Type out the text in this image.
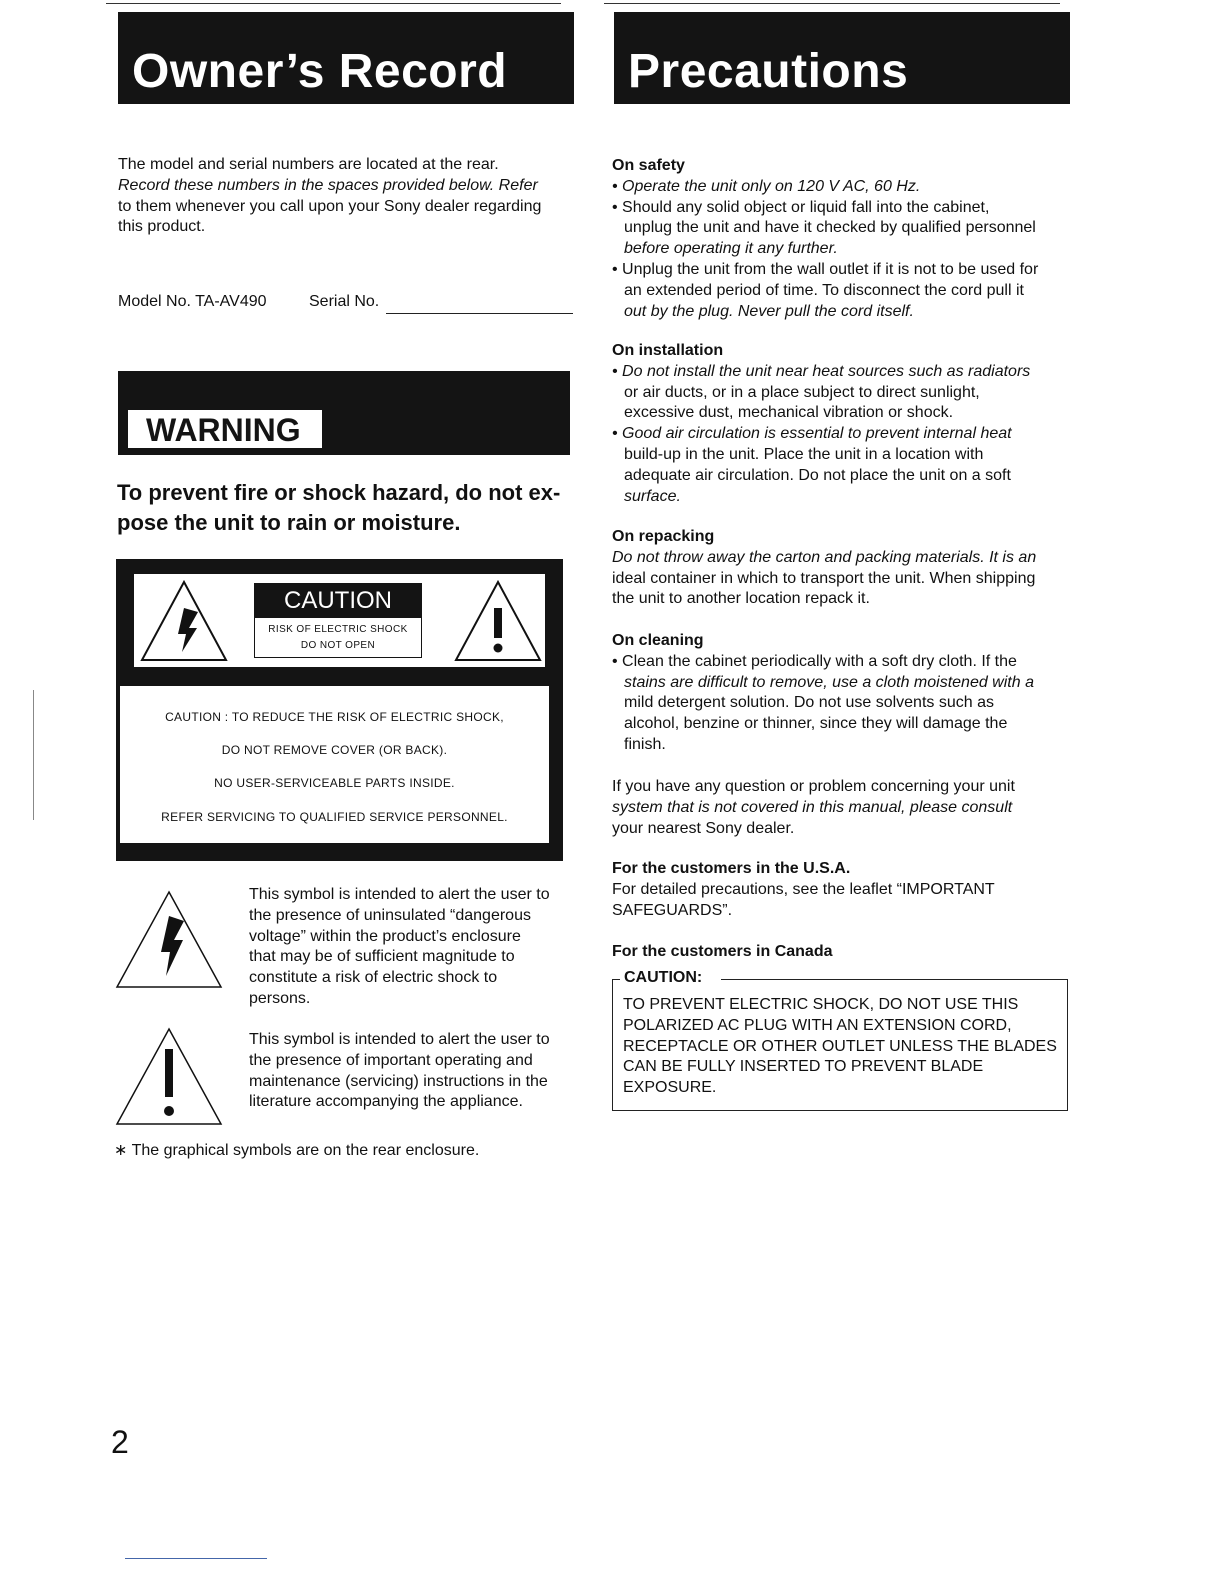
Owner’s Record

The model and serial numbers are located at the rear.

Record these numbers in the spaces provided below. Refer

to them whenever you call upon your Sony dealer regarding

this product.

Model No. TA-AV490	Serial No.
WARNING
To prevent fire or shock hazard, do not ex-
pose the unit to rain or moisture.
CAUTION
RISK OF ELECTRIC SHOCK
DO NOT OPEN

CAUTION : TO REDUCE THE RISK OF ELECTRIC SHOCK,

DO NOT REMOVE COVER (OR BACK).

NO USER-SERVICEABLE PARTS INSIDE.

REFER SERVICING TO QUALIFIED SERVICE PERSONNEL.

This symbol is intended to alert the user to
the presence of uninsulated “dangerous
voltage” within the product’s enclosure
that may be of sufficient magnitude to
constitute a risk of electric shock to
persons.
This symbol is intended to alert the user to
the presence of important operating and
maintenance (servicing) instructions in the
literature accompanying the appliance.
∗ The graphical symbols are on the rear enclosure.
2
Precautions

On safety

• Operate the unit only on 120 V AC, 60 Hz.

• Should any solid object or liquid fall into the cabinet,

unplug the unit and have it checked by qualified personnel

before operating it any further.

• Unplug the unit from the wall outlet if it is not to be used for

an extended period of time. To disconnect the cord pull it

out by the plug. Never pull the cord itself.

On installation

• Do not install the unit near heat sources such as radiators

or air ducts, or in a place subject to direct sunlight,

excessive dust, mechanical vibration or shock.

• Good air circulation is essential to prevent internal heat

build-up in the unit. Place the unit in a location with

adequate air circulation. Do not place the unit on a soft

surface.

On repacking

Do not throw away the carton and packing materials. It is an

ideal container in which to transport the unit. When shipping

the unit to another location repack it.

On cleaning

• Clean the cabinet periodically with a soft dry cloth. If the

stains are difficult to remove, use a cloth moistened with a

mild detergent solution. Do not use solvents such as

alcohol, benzine or thinner, since they will damage the

finish.

If you have any question or problem concerning your unit

system that is not covered in this manual, please consult

your nearest Sony dealer.

For the customers in the U.S.A.

For detailed precautions, see the leaflet “IMPORTANT

SAFEGUARDS”.

For the customers in Canada

CAUTION:
TO PREVENT ELECTRIC SHOCK, DO NOT USE THIS
POLARIZED AC PLUG WITH AN EXTENSION CORD,
RECEPTACLE OR OTHER OUTLET UNLESS THE BLADES
CAN BE FULLY INSERTED TO PREVENT BLADE
EXPOSURE.
